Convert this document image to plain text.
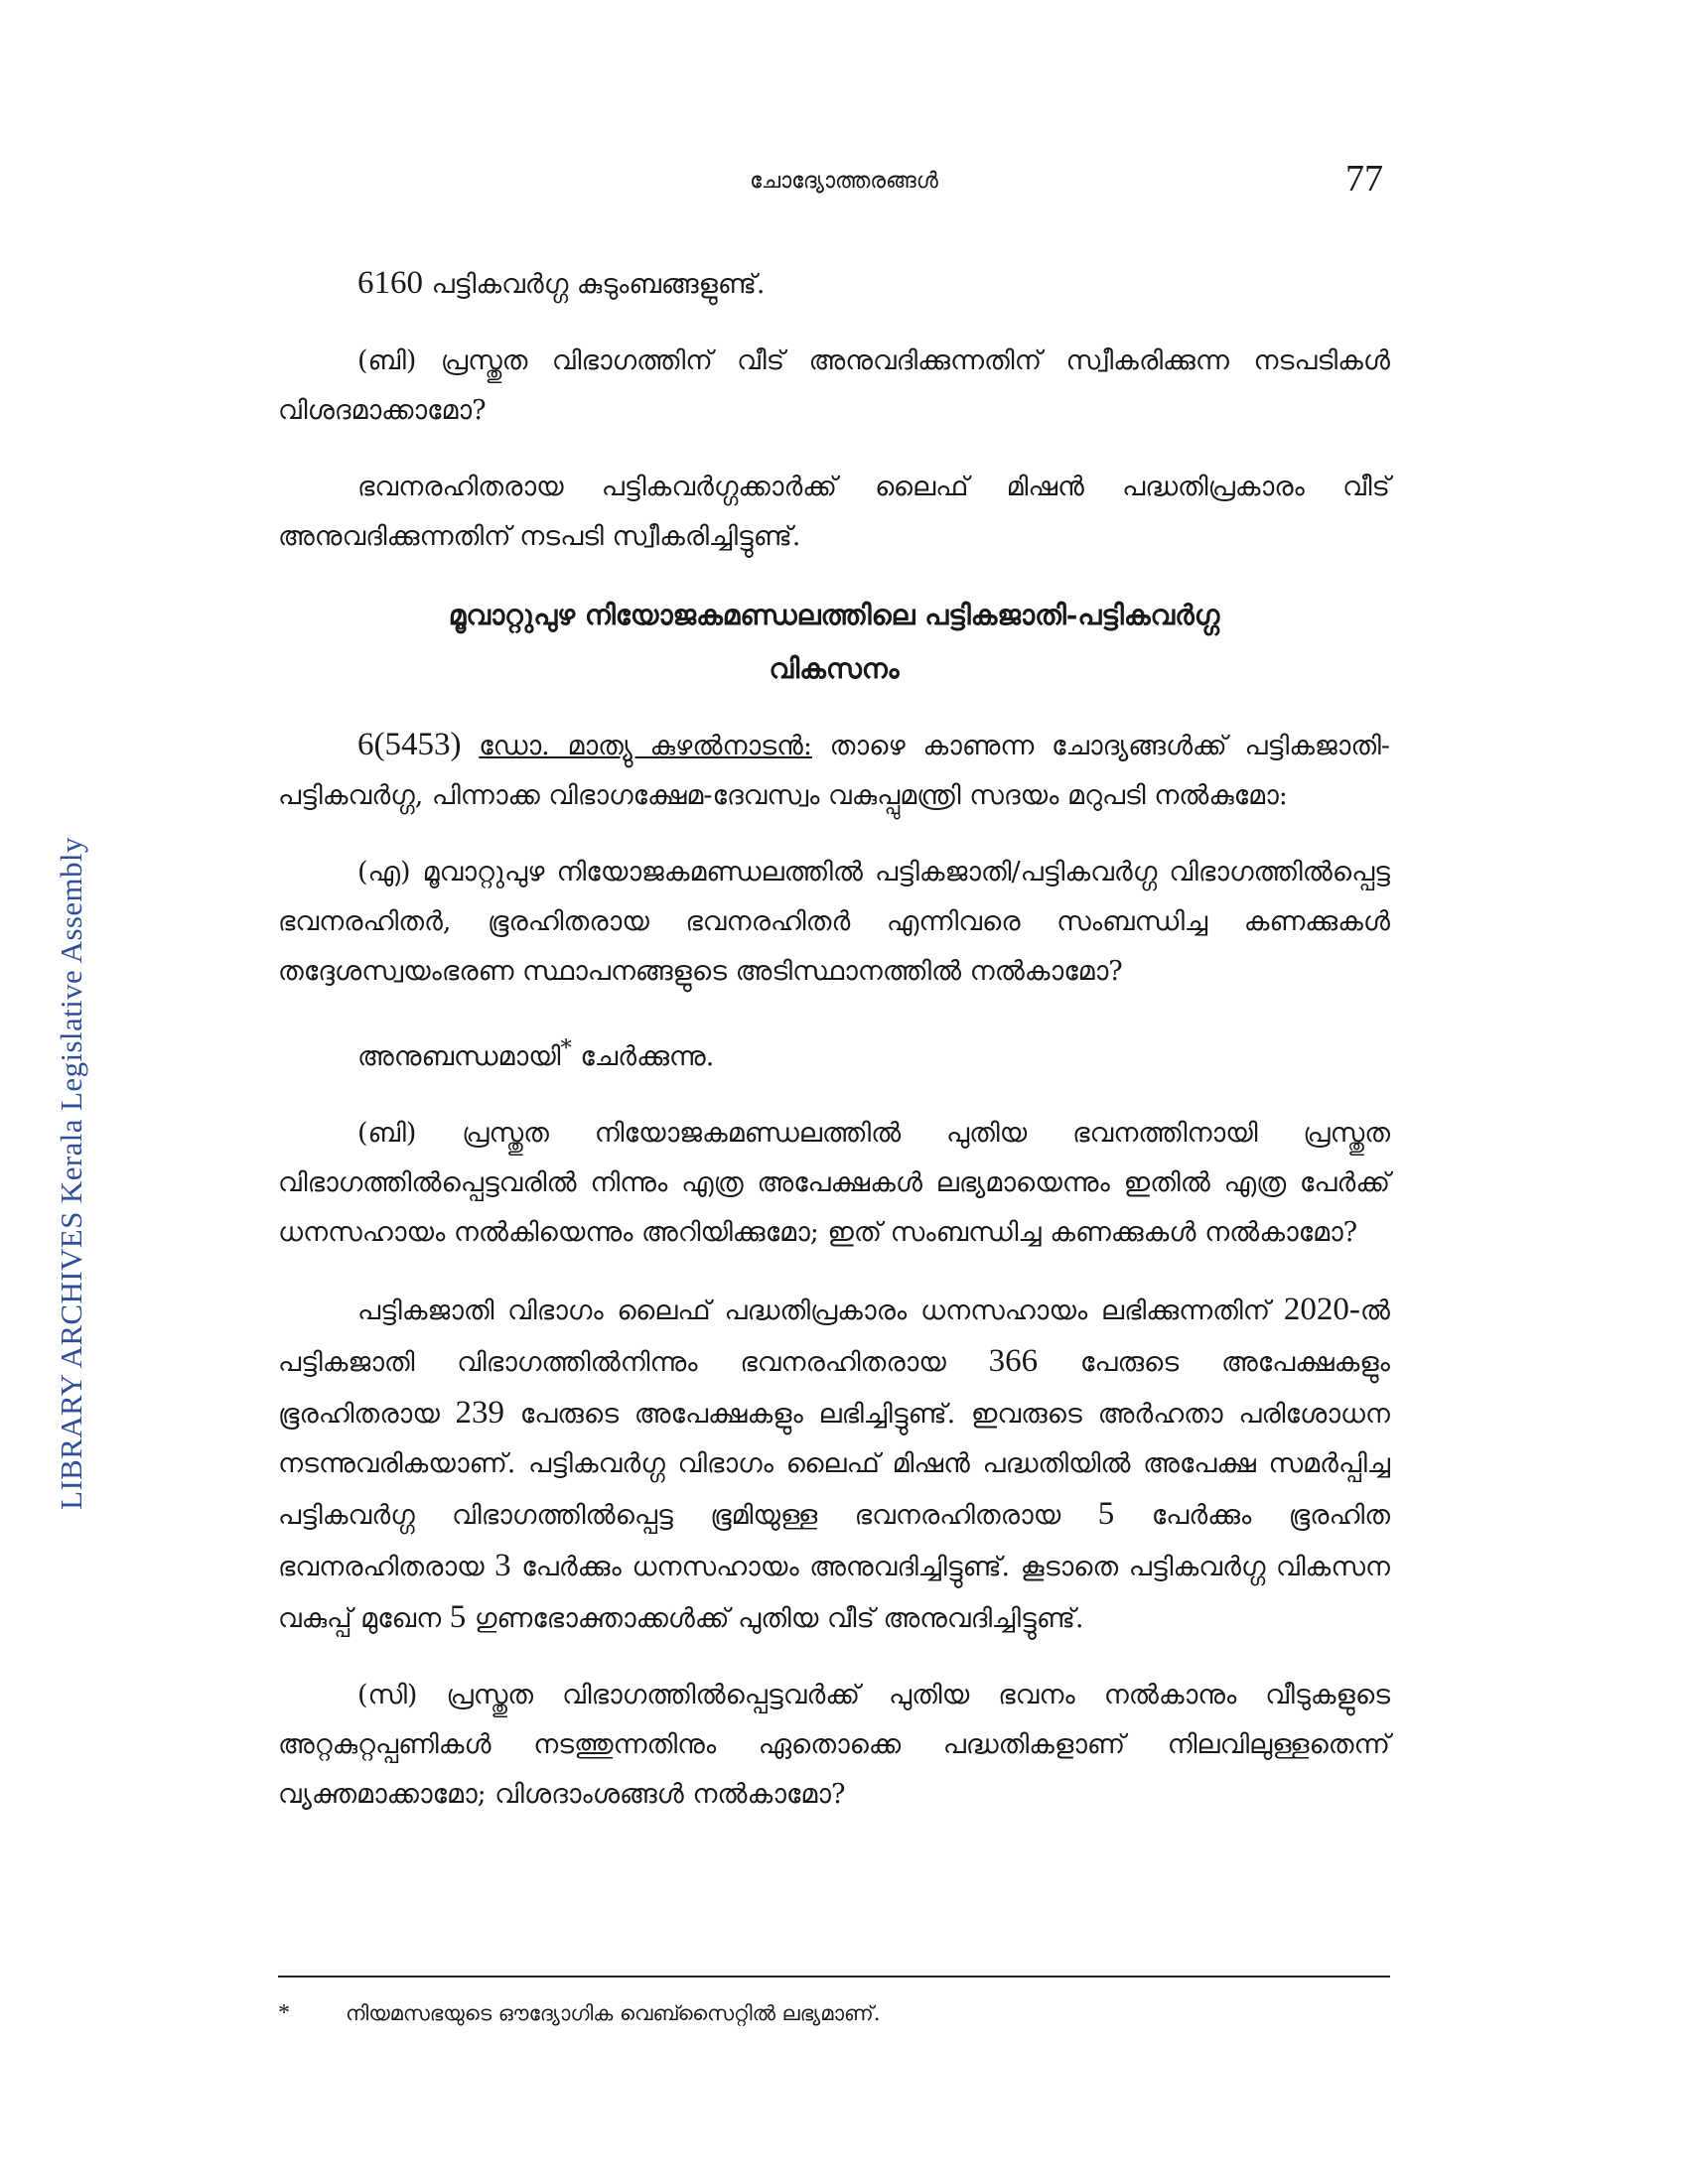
LIBRARY ARCHIVES Kerala Legislative Assembly
ചോദ്യോത്തരങ്ങൾ	77

6160 പട്ടികവർഗ്ഗ കുടുംബങ്ങളുണ്ട്.

(ബി) പ്രസ്തുത വിഭാഗത്തിന് വീട് അനുവദിക്കുന്നതിന് സ്വീകരിക്കുന്ന നടപടികൾ വിശദമാക്കാമോ?

ഭവനരഹിതരായ പട്ടികവർഗ്ഗക്കാർക്ക് ലൈഫ് മിഷൻ പദ്ധതിപ്രകാരം വീട് അനുവദിക്കുന്നതിന് നടപടി സ്വീകരിച്ചിട്ടുണ്ട്.

മൂവാറ്റുപുഴ നിയോജകമണ്ഡലത്തിലെ പട്ടികജാതി-പട്ടികവർഗ്ഗ
വികസനം

6(5453) ഡോ. മാത്യു കുഴൽനാടൻ: താഴെ കാണുന്ന ചോദ്യങ്ങൾക്ക് പട്ടികജാതി-പട്ടികവർഗ്ഗ, പിന്നാക്ക വിഭാഗക്ഷേമ-ദേവസ്വം വകുപ്പുമന്ത്രി സദയം മറുപടി നൽകുമോ:

(എ) മൂവാറ്റുപുഴ നിയോജകമണ്ഡലത്തിൽ പട്ടികജാതി/പട്ടികവർഗ്ഗ വിഭാഗത്തിൽപ്പെട്ട ഭവനരഹിതർ, ഭൂരഹിതരായ ഭവനരഹിതർ എന്നിവരെ സംബന്ധിച്ച കണക്കുകൾ തദ്ദേശസ്വയംഭരണ സ്ഥാപനങ്ങളുടെ അടിസ്ഥാനത്തിൽ നൽകാമോ?

അനുബന്ധമായി* ചേർക്കുന്നു.

(ബി) പ്രസ്തുത നിയോജകമണ്ഡലത്തിൽ പുതിയ ഭവനത്തിനായി പ്രസ്തുത വിഭാഗത്തിൽപ്പെട്ടവരിൽ നിന്നും എത്ര അപേക്ഷകൾ ലഭ്യമായെന്നും ഇതിൽ എത്ര പേർക്ക് ധനസഹായം നൽകിയെന്നും അറിയിക്കുമോ; ഇത് സംബന്ധിച്ച കണക്കുകൾ നൽകാമോ?

പട്ടികജാതി വിഭാഗം ലൈഫ് പദ്ധതിപ്രകാരം ധനസഹായം ലഭിക്കുന്നതിന് 2020-ൽ പട്ടികജാതി വിഭാഗത്തിൽനിന്നും ഭവനരഹിതരായ 366 പേരുടെ അപേക്ഷകളും ഭൂരഹിതരായ 239 പേരുടെ അപേക്ഷകളും ലഭിച്ചിട്ടുണ്ട്. ഇവരുടെ അർഹതാ പരിശോധന നടന്നുവരികയാണ്. പട്ടികവർഗ്ഗ വിഭാഗം ലൈഫ് മിഷൻ പദ്ധതിയിൽ അപേക്ഷ സമർപ്പിച്ച പട്ടികവർഗ്ഗ വിഭാഗത്തിൽപ്പെട്ട ഭൂമിയുള്ള ഭവനരഹിതരായ 5 പേർക്കും ഭൂരഹിത ഭവനരഹിതരായ 3 പേർക്കും ധനസഹായം അനുവദിച്ചിട്ടുണ്ട്. കൂടാതെ പട്ടികവർഗ്ഗ വികസന വകുപ്പ് മുഖേന 5 ഗുണഭോക്താക്കൾക്ക് പുതിയ വീട് അനുവദിച്ചിട്ടുണ്ട്.

(സി) പ്രസ്തുത വിഭാഗത്തിൽപ്പെട്ടവർക്ക് പുതിയ ഭവനം നൽകാനും വീടുകളുടെ അറ്റകുറ്റപ്പണികൾ നടത്തുന്നതിനും ഏതൊക്കെ പദ്ധതികളാണ് നിലവിലുള്ളതെന്ന് വ്യക്തമാക്കാമോ; വിശദാംശങ്ങൾ നൽകാമോ?

*	നിയമസഭയുടെ ഔദ്യോഗിക വെബ്സൈറ്റിൽ ലഭ്യമാണ്.
